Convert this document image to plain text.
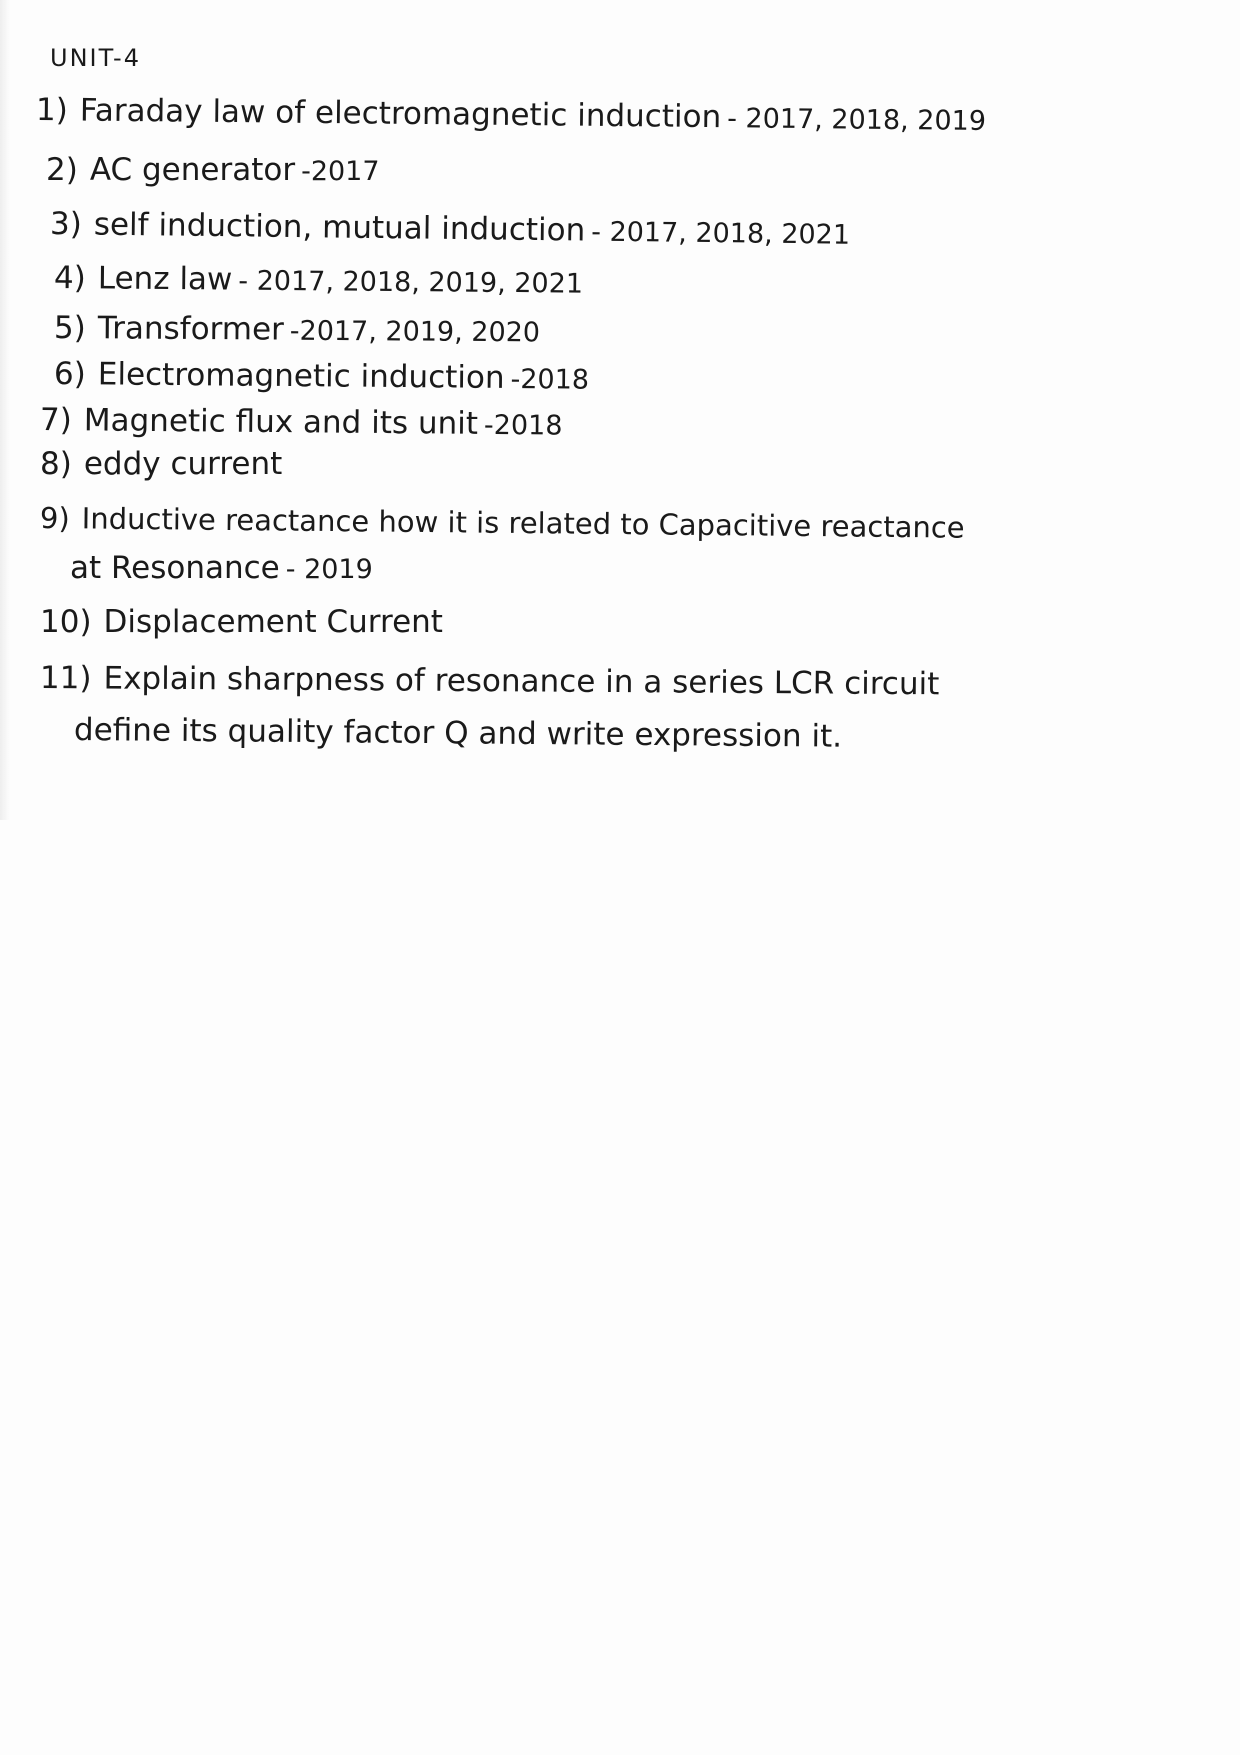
UNIT-4
1) Faraday law of electromagnetic induction - 2017, 2018, 2019
2) AC generator -2017
3) self induction, mutual induction - 2017, 2018, 2021
4) Lenz law - 2017, 2018, 2019, 2021
5) Transformer -2017, 2019, 2020
6) Electromagnetic induction -2018
7) Magnetic flux and its unit -2018
8) eddy current
9) Inductive reactance how it is related to Capacitive reactance
at Resonance - 2019
10) Displacement Current
11) Explain sharpness of resonance in a series LCR circuit
define its quality factor Q and write expression it.
